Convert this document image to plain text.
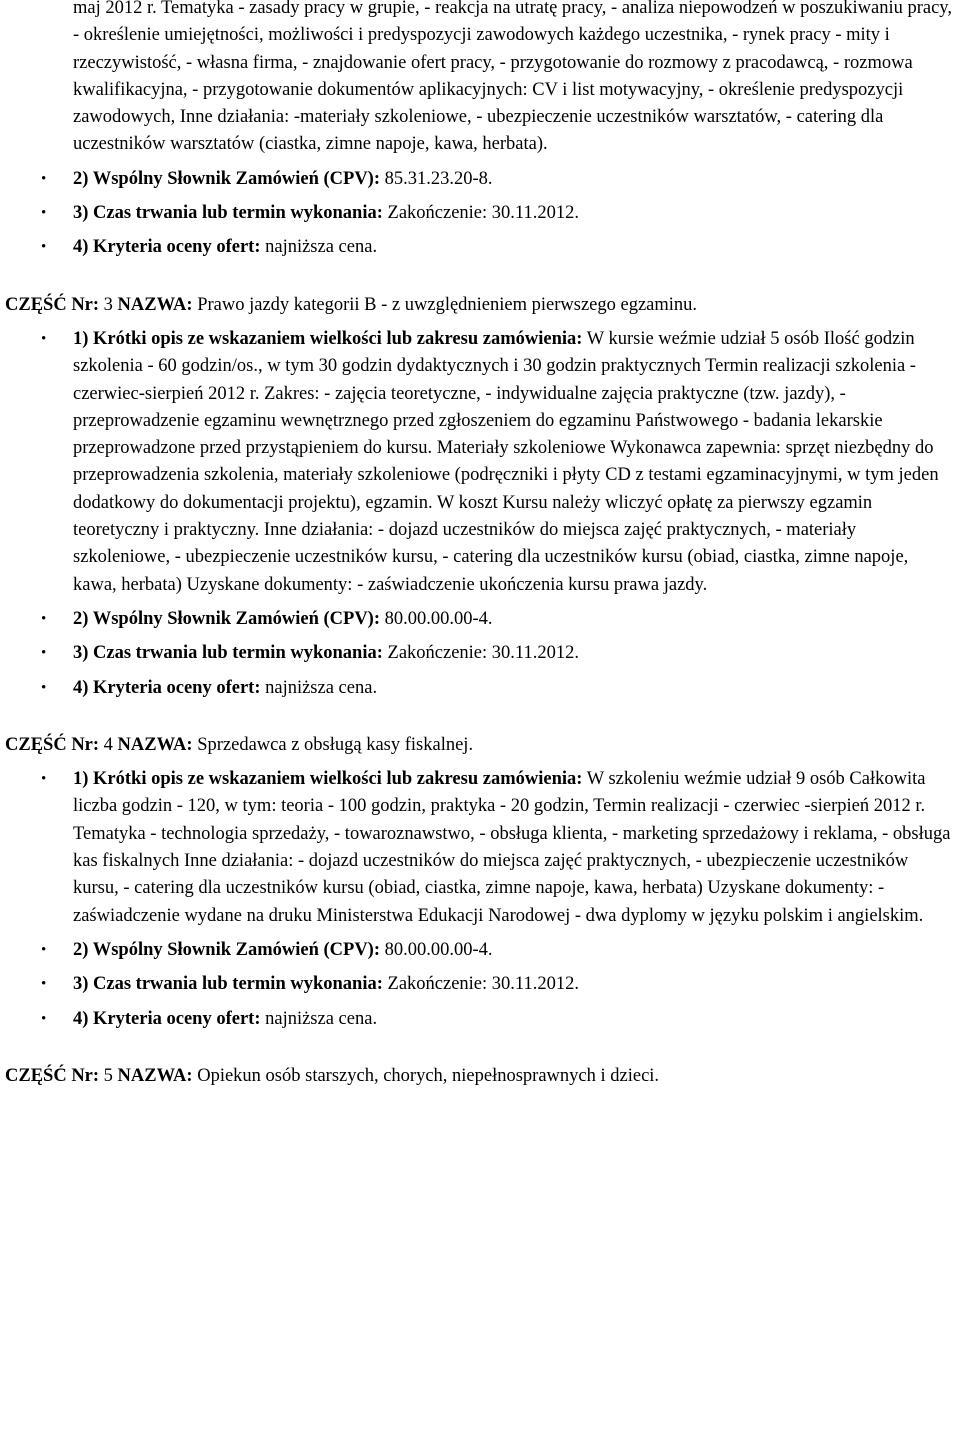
maj 2012 r. Tematyka - zasady pracy w grupie, - reakcja na utratę pracy, - analiza niepowodzeń w poszukiwaniu pracy, - określenie umiejętności, możliwości i predyspozycji zawodowych każdego uczestnika, - rynek pracy - mity i rzeczywistość, - własna firma, - znajdowanie ofert pracy, - przygotowanie do rozmowy z pracodawcą, - rozmowa kwalifikacyjna, - przygotowanie dokumentów aplikacyjnych: CV i list motywacyjny, - określenie predyspozycji zawodowych, Inne działania: -materiały szkoleniowe, - ubezpieczenie uczestników warsztatów, - catering dla uczestników warsztatów (ciastka, zimne napoje, kawa, herbata).

• 2) Wspólny Słownik Zamówień (CPV): 85.31.23.20-8.
• 3) Czas trwania lub termin wykonania: Zakończenie: 30.11.2012.
• 4) Kryteria oceny ofert: najniższa cena.

CZĘŚĆ Nr: 3 NAZWA: Prawo jazdy kategorii B - z uwzględnieniem pierwszego egzaminu.

• 1) Krótki opis ze wskazaniem wielkości lub zakresu zamówienia: W kursie weźmie udział 5 osób Ilość godzin szkolenia - 60 godzin/os., w tym 30 godzin dydaktycznych i 30 godzin praktycznych Termin realizacji szkolenia - czerwiec-sierpień 2012 r. Zakres: - zajęcia teoretyczne, - indywidualne zajęcia praktyczne (tzw. jazdy), - przeprowadzenie egzaminu wewnętrznego przed zgłoszeniem do egzaminu Państwowego - badania lekarskie przeprowadzone przed przystąpieniem do kursu. Materiały szkoleniowe Wykonawca zapewnia: sprzęt niezbędny do przeprowadzenia szkolenia, materiały szkoleniowe (podręczniki i płyty CD z testami egzaminacyjnymi, w tym jeden dodatkowy do dokumentacji projektu), egzamin. W koszt Kursu należy wliczyć opłatę za pierwszy egzamin teoretyczny i praktyczny. Inne działania: - dojazd uczestników do miejsca zajęć praktycznych, - materiały szkoleniowe, - ubezpieczenie uczestników kursu, - catering dla uczestników kursu (obiad, ciastka, zimne napoje, kawa, herbata) Uzyskane dokumenty: - zaświadczenie ukończenia kursu prawa jazdy.
• 2) Wspólny Słownik Zamówień (CPV): 80.00.00.00-4.
• 3) Czas trwania lub termin wykonania: Zakończenie: 30.11.2012.
• 4) Kryteria oceny ofert: najniższa cena.

CZĘŚĆ Nr: 4 NAZWA: Sprzedawca z obsługą kasy fiskalnej.

• 1) Krótki opis ze wskazaniem wielkości lub zakresu zamówienia: W szkoleniu weźmie udział 9 osób Całkowita liczba godzin - 120, w tym: teoria - 100 godzin, praktyka - 20 godzin, Termin realizacji - czerwiec -sierpień 2012 r. Tematyka - technologia sprzedaży, - towaroznawstwo, - obsługa klienta, - marketing sprzedażowy i reklama, - obsługa kas fiskalnych Inne działania: - dojazd uczestników do miejsca zajęć praktycznych, - ubezpieczenie uczestników kursu, - catering dla uczestników kursu (obiad, ciastka, zimne napoje, kawa, herbata) Uzyskane dokumenty: - zaświadczenie wydane na druku Ministerstwa Edukacji Narodowej - dwa dyplomy w języku polskim i angielskim.
• 2) Wspólny Słownik Zamówień (CPV): 80.00.00.00-4.
• 3) Czas trwania lub termin wykonania: Zakończenie: 30.11.2012.
• 4) Kryteria oceny ofert: najniższa cena.

CZĘŚĆ Nr: 5 NAZWA: Opiekun osób starszych, chorych, niepełnosprawnych i dzieci.
